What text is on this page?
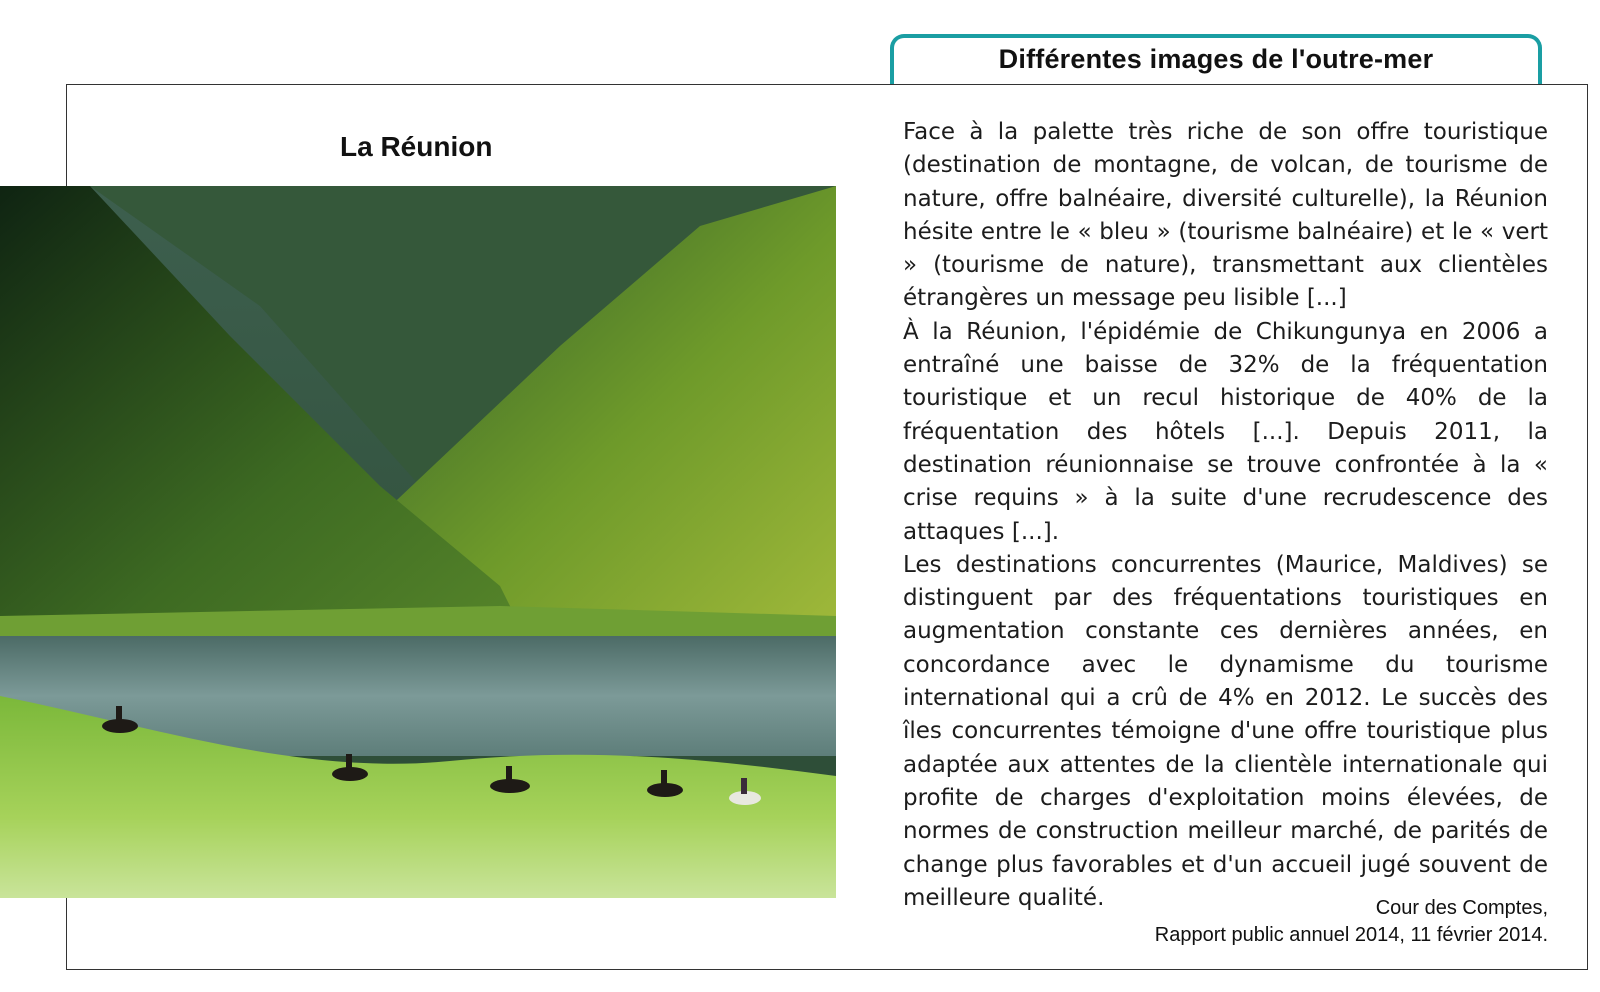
Différentes images de l'outre-mer
La Réunion	Face à la palette très riche de son offre touristique (destination de montagne, de volcan, de tourisme de nature, offre balnéaire, diversité culturelle), la Réunion hésite entre le « bleu » (tourisme balnéaire) et le « vert » (tourisme de nature), transmettant aux clientèles étrangères un message peu lisible [...]

À la Réunion, l'épidémie de Chikungunya en 2006 a entraîné une baisse de 32% de la fréquentation touristique et un recul historique de 40% de la fréquentation des hôtels [...]. Depuis 2011, la destination réunionnaise se trouve confrontée à la « crise requins » à la suite d'une recrudescence des attaques [...].

Les destinations concurrentes (Maurice, Maldives) se distinguent par des fréquentations touristiques en augmentation constante ces dernières années, en concordance avec le dynamisme du tourisme international qui a crû de 4% en 2012. Le succès des îles concurrentes témoigne d'une offre touristique plus adaptée aux attentes de la clientèle internationale qui profite de charges d'exploitation moins élevées, de normes de construction meilleur marché, de parités de change plus favorables et d'un accueil jugé souvent de meilleure qualité.	Cour des Comptes,
Rapport public annuel 2014, 11 février 2014.
